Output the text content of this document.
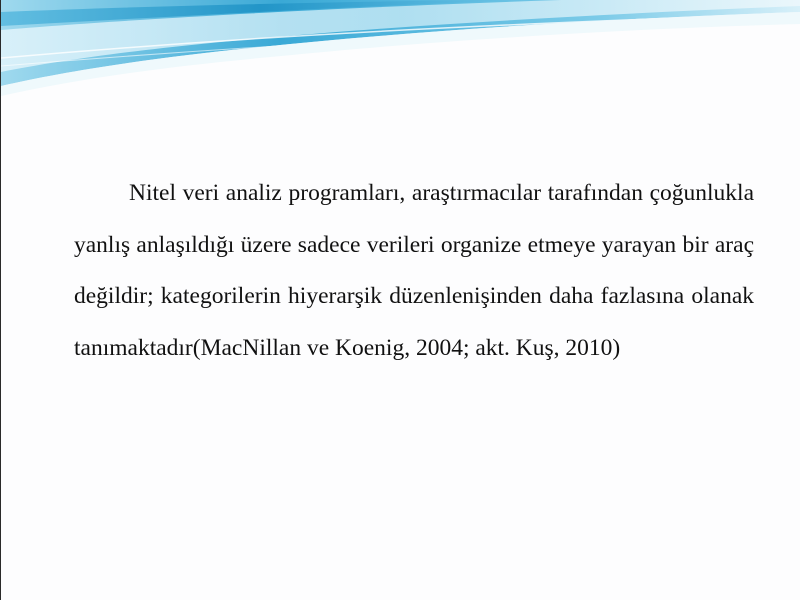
Nitel veri analiz programları, araştırmacılar tarafından çoğunlukla yanlış anlaşıldığı üzere sadece verileri organize etmeye yarayan bir araç değildir; kategorilerin hiyerarşik düzenlenişinden daha fazlasına olanak tanımaktadır(MacNillan ve Koenig, 2004; akt. Kuş, 2010)
